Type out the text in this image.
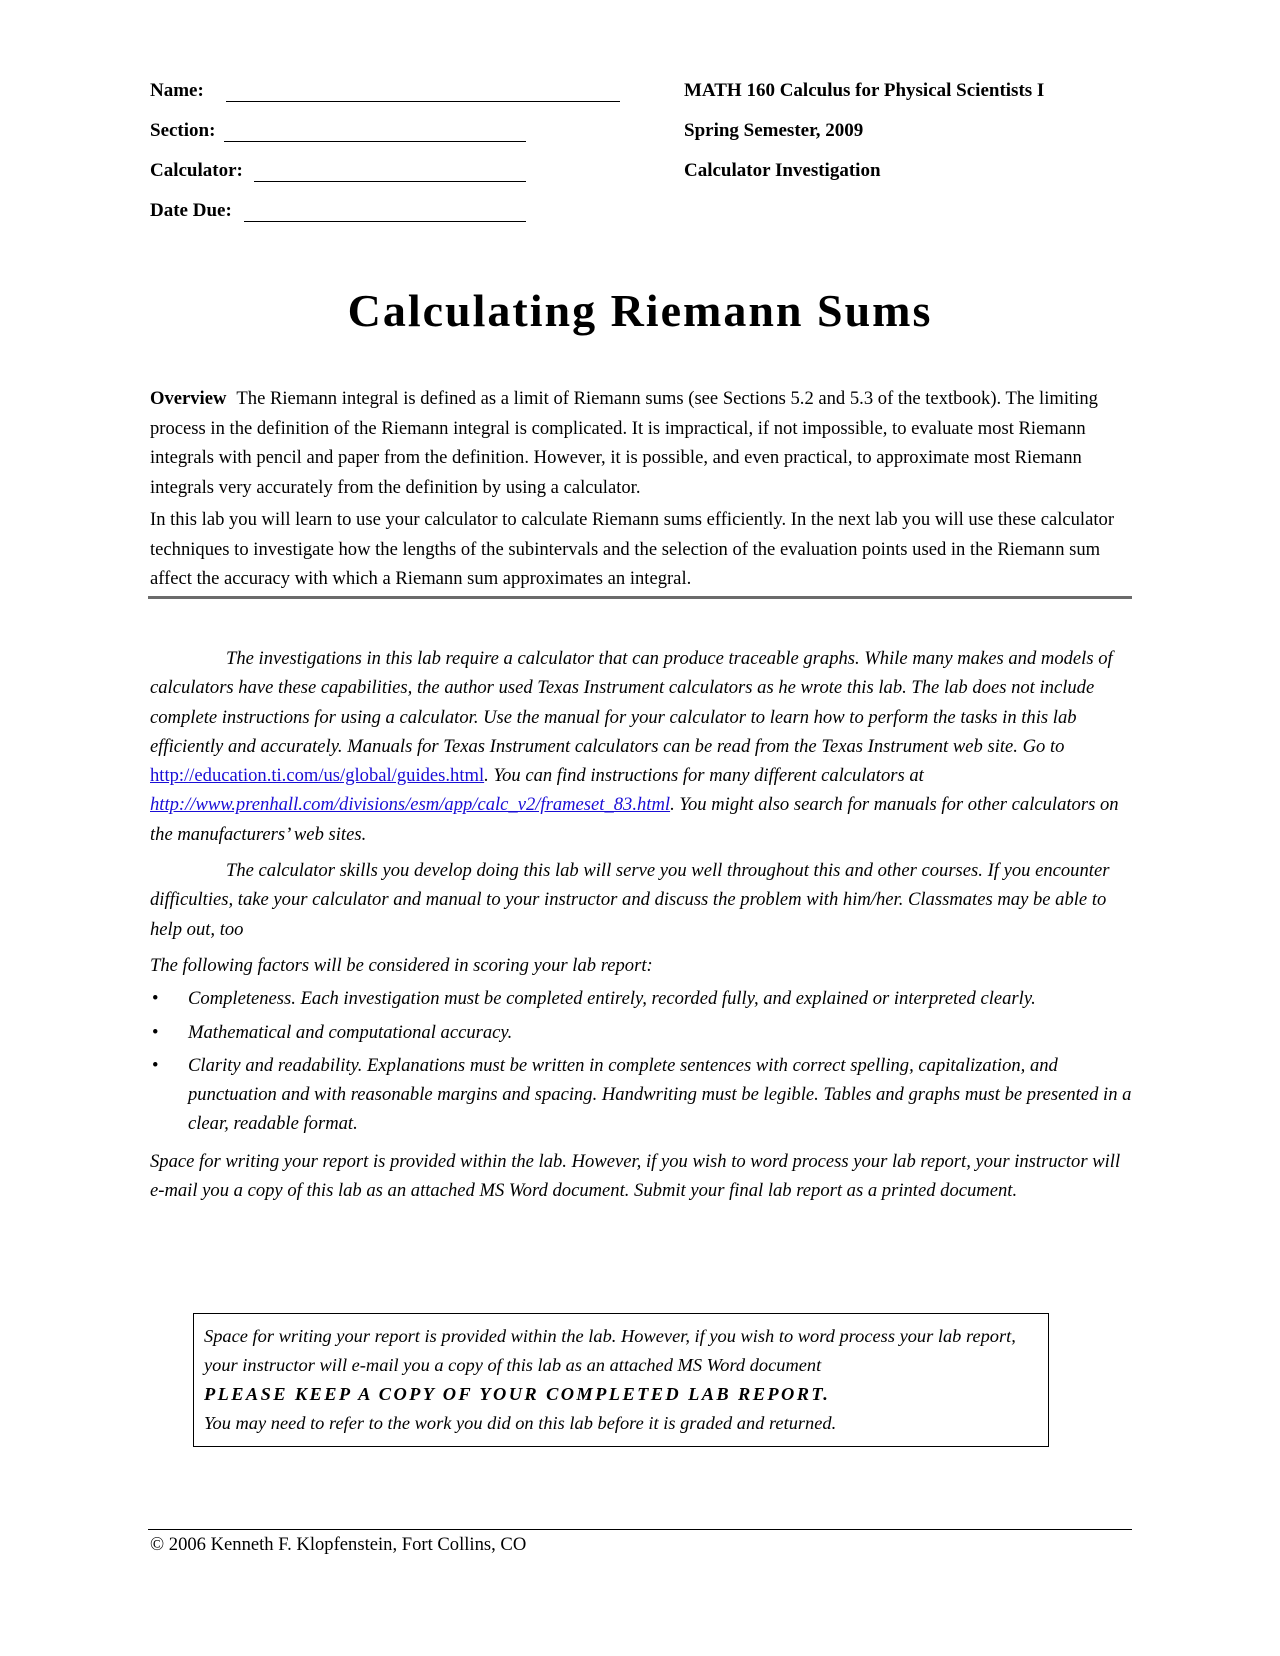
Name:
Section:
Calculator:
Date Due:
MATH 160 Calculus for Physical Scientists I
Spring Semester, 2009
Calculator Investigation
Calculating Riemann Sums

Overview The Riemann integral is defined as a limit of Riemann sums (see Sections 5.2 and 5.3 of the textbook). The limiting process in the definition of the Riemann integral is complicated. It is impractical, if not impossible, to evaluate most Riemann integrals with pencil and paper from the definition. However, it is possible, and even practical, to approximate most Riemann integrals very accurately from the definition by using a calculator.

In this lab you will learn to use your calculator to calculate Riemann sums efficiently. In the next lab you will use these calculator techniques to investigate how the lengths of the subintervals and the selection of the evaluation points used in the Riemann sum affect the accuracy with which a Riemann sum approximates an integral.

The investigations in this lab require a calculator that can produce traceable graphs. While many makes and models of calculators have these capabilities, the author used Texas Instrument calculators as he wrote this lab. The lab does not include complete instructions for using a calculator. Use the manual for your calculator to learn how to perform the tasks in this lab efficiently and accurately. Manuals for Texas Instrument calculators can be read from the Texas Instrument web site. Go to http://education.ti.com/us/global/guides.html. You can find instructions for many different calculators at http://www.prenhall.com/divisions/esm/app/calc_v2/frameset_83.html. You might also search for manuals for other calculators on the manufacturers’ web sites.

The calculator skills you develop doing this lab will serve you well throughout this and other courses. If you encounter difficulties, take your calculator and manual to your instructor and discuss the problem with him/her. Classmates may be able to help out, too

The following factors will be considered in scoring your lab report:

• Completeness. Each investigation must be completed entirely, recorded fully, and explained or interpreted clearly.
• Mathematical and computational accuracy.
• Clarity and readability. Explanations must be written in complete sentences with correct spelling, capitalization, and punctuation and with reasonable margins and spacing. Handwriting must be legible. Tables and graphs must be presented in a clear, readable format.

Space for writing your report is provided within the lab. However, if you wish to word process your lab report, your instructor will e-mail you a copy of this lab as an attached MS Word document. Submit your final lab report as a printed document.

Space for writing your report is provided within the lab. However, if you wish to word process your lab report, your instructor will e-mail you a copy of this lab as an attached MS Word document

PLEASE KEEP A COPY OF YOUR COMPLETED LAB REPORT.

You may need to refer to the work you did on this lab before it is graded and returned.

© 2006 Kenneth F. Klopfenstein, Fort Collins, CO
